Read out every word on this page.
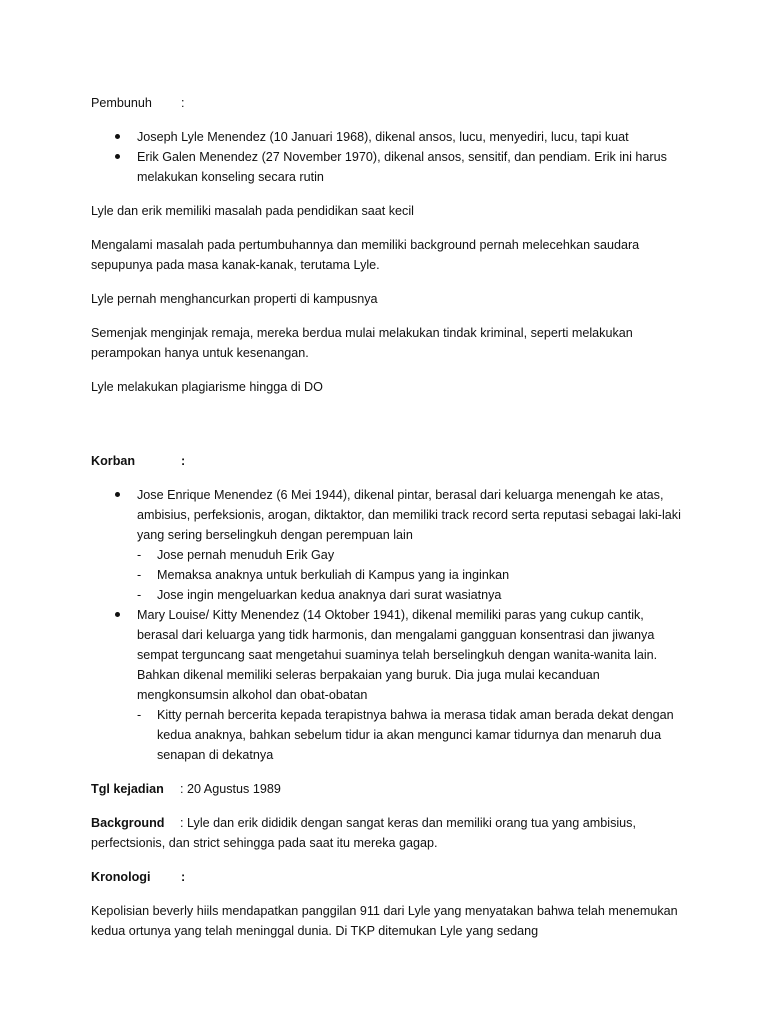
Pembunuh	:
Joseph Lyle Menendez (10 Januari 1968), dikenal ansos, lucu, menyediri, lucu, tapi kuat
Erik Galen Menendez (27 November 1970), dikenal ansos, sensitif, dan pendiam. Erik ini harus melakukan konseling secara rutin
Lyle dan erik memiliki masalah pada pendidikan saat kecil
Mengalami masalah pada pertumbuhannya dan memiliki background pernah melecehkan saudara sepupunya pada masa kanak-kanak, terutama Lyle.
Lyle pernah menghancurkan properti di kampusnya
Semenjak menginjak remaja, mereka berdua mulai melakukan tindak kriminal, seperti melakukan perampokan hanya untuk kesenangan.
Lyle melakukan plagiarisme hingga di DO
Korban	:
Jose Enrique Menendez (6 Mei 1944), dikenal pintar, berasal dari keluarga menengah ke atas, ambisius, perfeksionis, arogan, diktaktor, dan memiliki track record serta reputasi sebagai laki-laki yang sering berselingkuh dengan perempuan lain
- Jose pernah menuduh Erik Gay
- Memaksa anaknya untuk berkuliah di Kampus yang ia inginkan
- Jose ingin mengeluarkan kedua anaknya dari surat wasiatnya
Mary Louise/ Kitty Menendez (14 Oktober 1941), dikenal memiliki paras yang cukup cantik, berasal dari keluarga yang tidk harmonis, dan mengalami gangguan konsentrasi dan jiwanya sempat terguncang saat mengetahui suaminya telah berselingkuh dengan wanita-wanita lain. Bahkan dikenal memiliki seleras berpakaian yang buruk. Dia juga mulai kecanduan mengkonsumsin alkohol dan obat-obatan
- Kitty pernah bercerita kepada terapistnya bahwa ia merasa tidak aman berada dekat dengan kedua anaknya, bahkan sebelum tidur ia akan mengunci kamar tidurnya dan menaruh dua senapan di dekatnya
Tgl kejadian	: 20 Agustus 1989
Background : Lyle dan erik dididik dengan sangat keras dan memiliki orang tua yang ambisius, perfectsionis, dan strict sehingga pada saat itu mereka gagap.
Kronologi	:
Kepolisian beverly hiils mendapatkan panggilan 911 dari Lyle yang menyatakan bahwa telah menemukan kedua ortunya yang telah meninggal dunia. Di TKP ditemukan Lyle yang sedang
